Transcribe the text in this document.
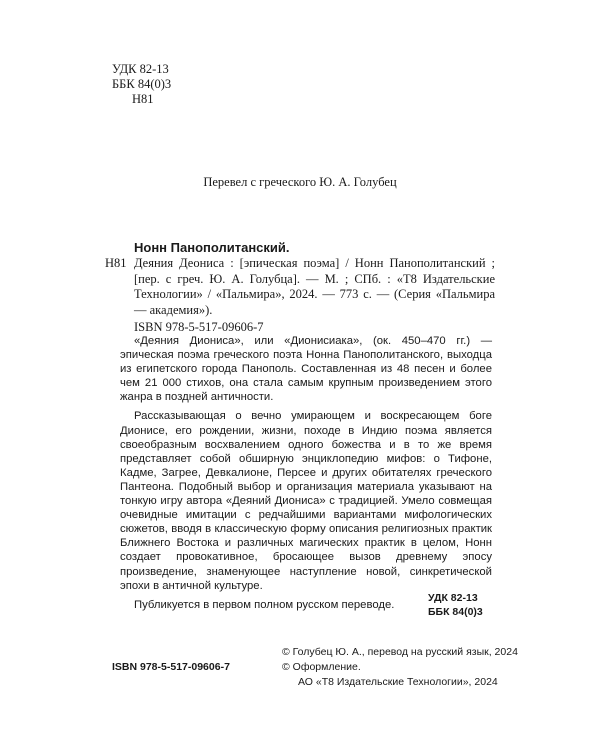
УДК 82-13
ББК 84(0)3
Н81
Перевел с греческого Ю. А. Голубец
Нонн Панополитанский.
Н81 Деяния Деониса : [эпическая поэма] / Нонн Панополитанский ; [пер. с греч. Ю. А. Голубца]. — М. ; СПб. : «Т8 Издательские Технологии» / «Пальмира», 2024. — 773 с. — (Серия «Пальмира — академия»).
ISBN 978-5-517-09606-7

«Деяния Диониса», или «Дионисиака», (ок. 450–470 гг.) — эпическая поэма греческого поэта Нонна Панополитанского, выходца из египетского города Панополь. Составленная из 48 песен и более чем 21 000 стихов, она стала самым крупным произведением этого жанра в поздней античности.

Рассказывающая о вечно умирающем и воскресающем боге Дионисе, его рождении, жизни, походе в Индию поэма является своеобразным восхвалением одного божества и в то же время представляет собой обширную энциклопедию мифов: о Тифоне, Кадме, Загрее, Девкалионе, Персее и других обитателях греческого Пантеона. Подобный выбор и организация материала указывают на тонкую игру автора «Деяний Диониса» с традицией. Умело совмещая очевидные имитации с редчайшими вариантами мифологических сюжетов, вводя в классическую форму описания религиозных практик Ближнего Востока и различных магических практик в целом, Нонн создает провокативное, бросающее вызов древнему эпосу произведение, знаменующее наступление новой, синкретической эпохи в античной культуре.

Публикуется в первом полном русском переводе.

УДК 82-13
ББК 84(0)3
ISBN 978-5-517-09606-7
© Голубец Ю. А., перевод на русский язык, 2024
© Оформление.
АО «Т8 Издательские Технологии», 2024
